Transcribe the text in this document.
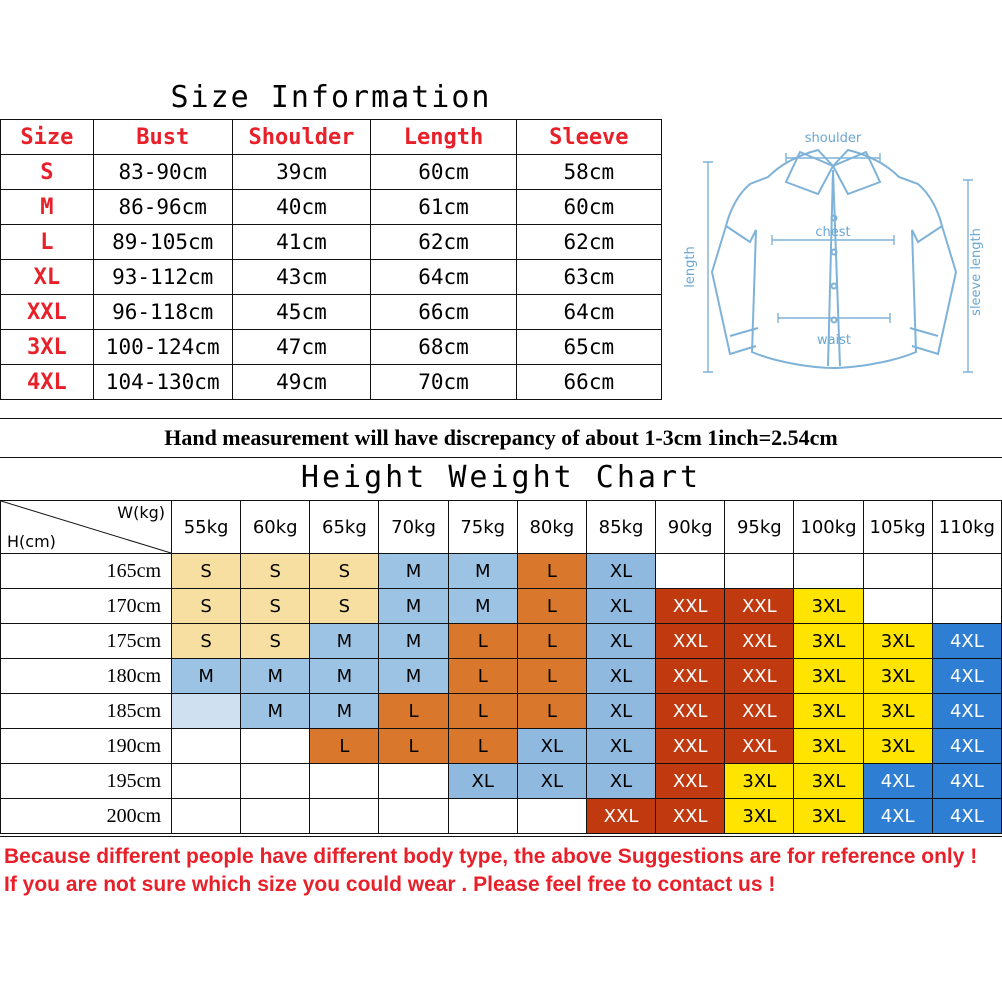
Size Information
Size	Bust	Shoulder	Length	Sleeve
S	83-90cm	39cm	60cm	58cm
M	86-96cm	40cm	61cm	60cm
L	89-105cm	41cm	62cm	62cm
XL	93-112cm	43cm	64cm	63cm
XXL	96-118cm	45cm	66cm	64cm
3XL	100-124cm	47cm	68cm	65cm
4XL	104-130cm	49cm	70cm	66cm
shoulder
chest
waist
length	sleeve length
Hand measurement will have discrepancy of about 1-3cm 1inch=2.54cm
Height Weight Chart
H(cm)
W(kg)	55kg	60kg	65kg	70kg	75kg	80kg	85kg	90kg	95kg	100kg	105kg	110kg
165cm	S	S	S	M	M	L	XL					
170cm	S	S	S	M	M	L	XL	XXL	XXL	3XL		
175cm	S	S	M	M	L	L	XL	XXL	XXL	3XL	3XL	4XL
180cm	M	M	M	M	L	L	XL	XXL	XXL	3XL	3XL	4XL
185cm		M	M	L	L	L	XL	XXL	XXL	3XL	3XL	4XL
190cm			L	L	L	XL	XL	XXL	XXL	3XL	3XL	4XL
195cm					XL	XL	XL	XXL	3XL	3XL	4XL	4XL
200cm							XXL	XXL	3XL	3XL	4XL	4XL

Because different people have different body type, the above Suggestions are for reference only !

If you are not sure which size you could wear . Please feel free to contact us !
